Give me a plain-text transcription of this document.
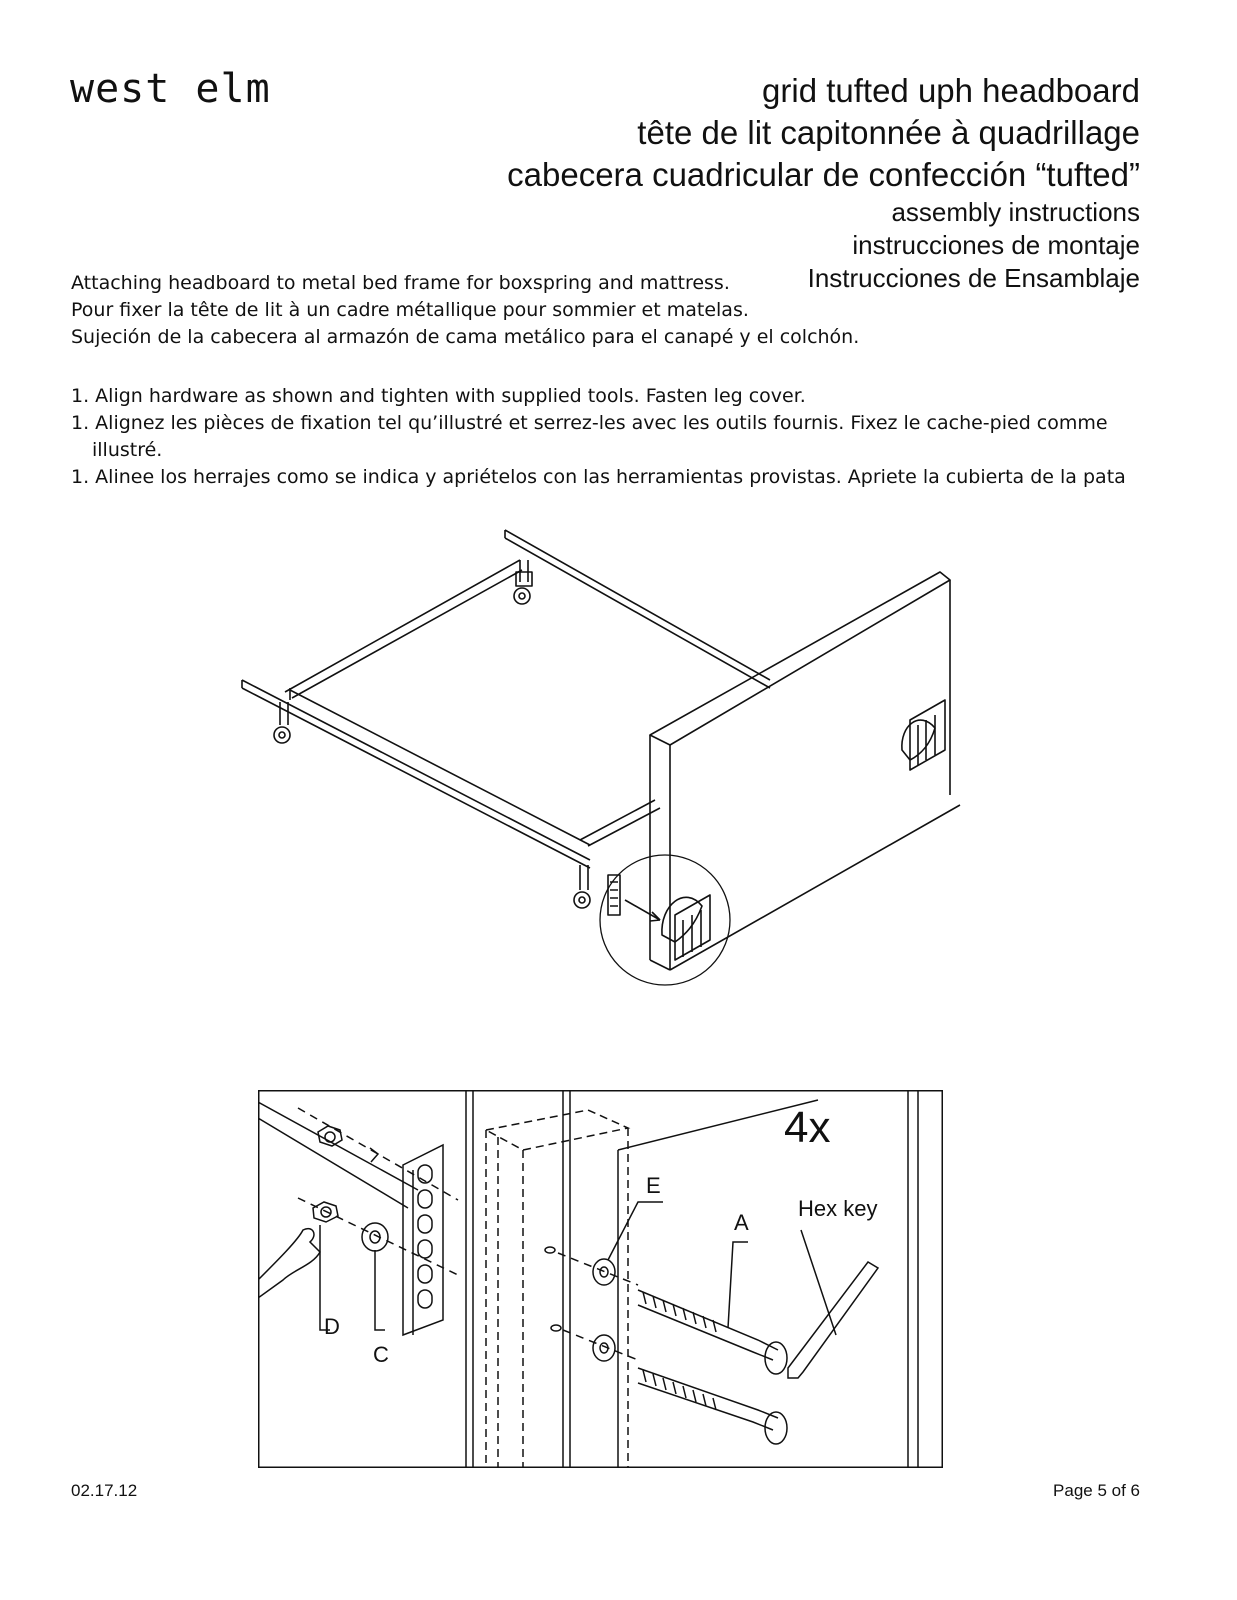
west elm	grid tufted uph headboard
tête de lit capitonnée à quadrillage
cabecera cuadricular de confección “tufted”
assembly instructions
instrucciones de montaje
Instrucciones de Ensamblaje
Attaching headboard to metal bed frame for boxspring and mattress.
Pour fixer la tête de lit à un cadre métallique pour sommier et matelas.
Sujeción de la cabecera al armazón de cama metálico para el canapé y el colchón.

1. Align hardware as shown and tighten with supplied tools. Fasten leg cover.

1. Alignez les pièces de fixation tel qu’illustré et serrez-les avec les outils fournis. Fixez le cache-pied comme illustré.

1. Alinee los herrajes como se indica y apriételos con las herramientas provistas. Apriete la cubierta de la pata

4x
E
A
Hex key
D
C
02.17.12	Page 5 of 6
